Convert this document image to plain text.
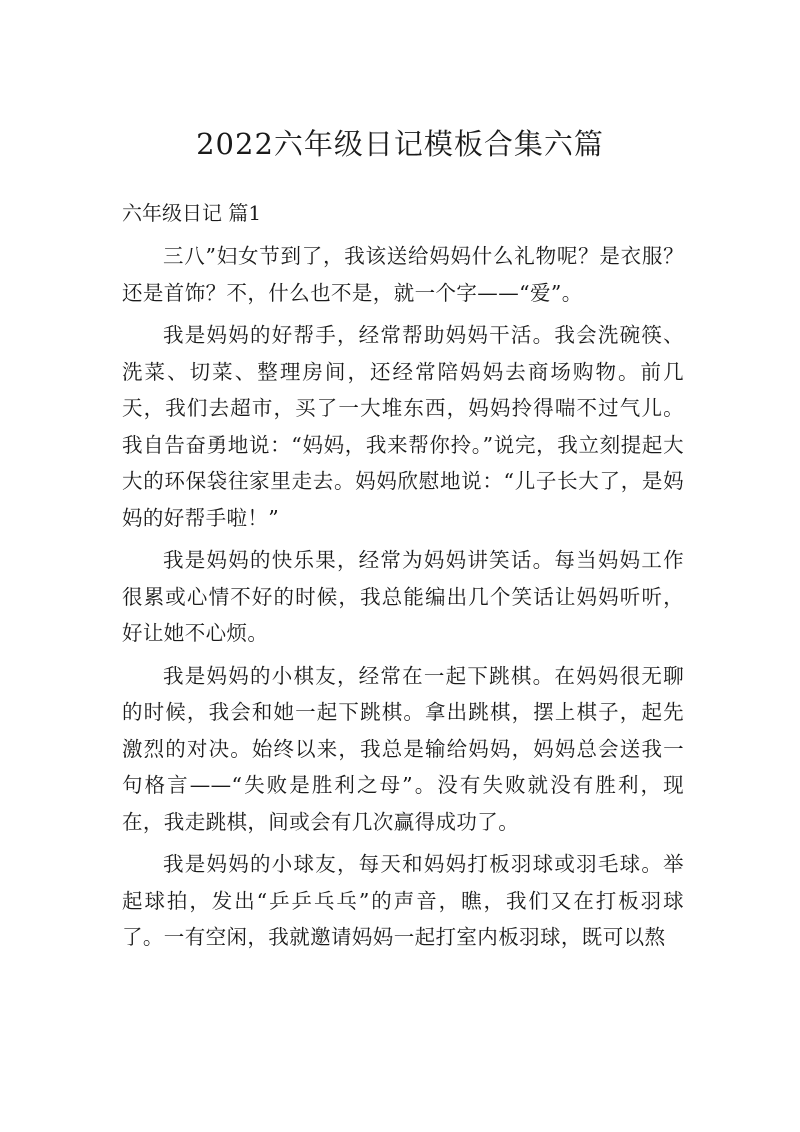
2022六年级日记模板合集六篇
六年级日记 篇1

三八”妇女节到了，我该送给妈妈什么礼物呢？是衣服？还是首饰？不，什么也不是，就一个字——“爱”。

我是妈妈的好帮手，经常帮助妈妈干活。我会洗碗筷、洗菜、切菜、整理房间，还经常陪妈妈去商场购物。前几天，我们去超市，买了一大堆东西，妈妈拎得喘不过气儿。我自告奋勇地说：“妈妈，我来帮你拎。”说完，我立刻提起大大的环保袋往家里走去。妈妈欣慰地说：“儿子长大了，是妈妈的好帮手啦！”

我是妈妈的快乐果，经常为妈妈讲笑话。每当妈妈工作很累或心情不好的时候，我总能编出几个笑话让妈妈听听，好让她不心烦。

我是妈妈的小棋友，经常在一起下跳棋。在妈妈很无聊的时候，我会和她一起下跳棋。拿出跳棋，摆上棋子，起先激烈的对决。始终以来，我总是输给妈妈，妈妈总会送我一句格言——“失败是胜利之母”。没有失败就没有胜利，现在，我走跳棋，间或会有几次赢得成功了。

我是妈妈的小球友，每天和妈妈打板羽球或羽毛球。举起球拍，发出“乒乒乓乓”的声音，瞧，我们又在打板羽球了。一有空闲，我就邀请妈妈一起打室内板羽球，既可以熬
